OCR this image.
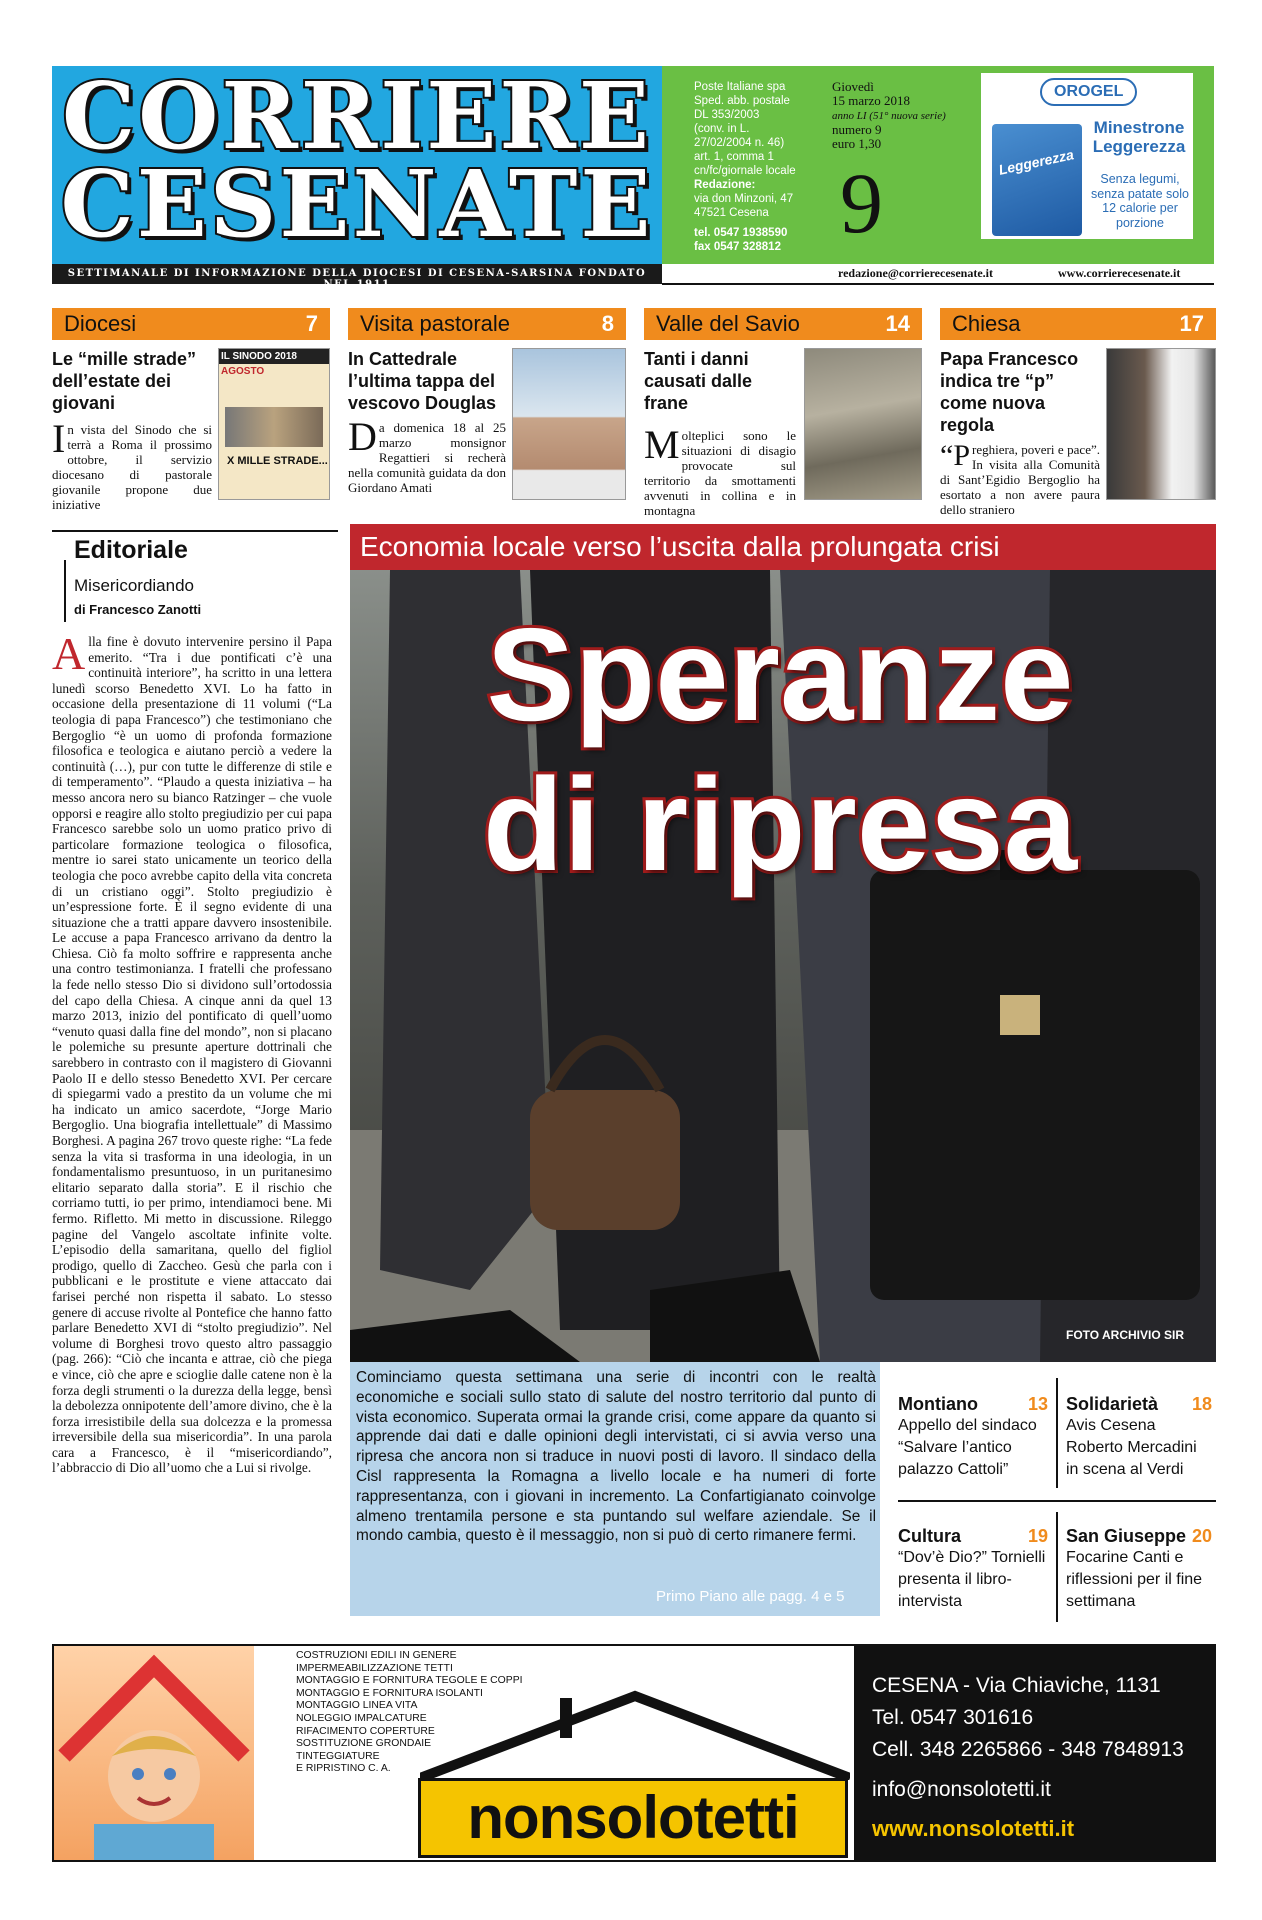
CORRIERE
CESENATE
Poste Italiane spa
Sped. abb. postale
DL 353/2003
(conv. in L.
27/02/2004 n. 46)
art. 1, comma 1
cn/fc/giornale locale
Redazione:
via don Minzoni, 47
47521 Cesena
tel. 0547 1938590
fax 0547 328812
Giovedì
15 marzo 2018
anno LI (51° nuova serie)
numero 9
euro 1,30
9
OROGEL
Leggerezza
Minestrone Leggerezza
Senza legumi, senza patate solo 12 calorie per porzione
SETTIMANALE DI INFORMAZIONE DELLA DIOCESI DI CESENA-SARSINA FONDATO NEL 1911
redazione@corrierecesenate.it	www.corrierecesenate.it
Diocesi	7
Le “mille strade” dell’estate dei giovani
In vista del Sinodo che si terrà a Roma il prossimo ottobre, il servizio diocesano di pastorale giovanile propone due iniziative
IL SINODO 2018
AGOSTO
X MILLE STRADE...
Visita pastorale	8
In Cattedrale l’ultima tappa del vescovo Douglas
Da domenica 18 al 25 marzo monsignor Regattieri si recherà nella comunità guidata da don Giordano Amati
Valle del Savio	14
Tanti i danni causati dalle frane
Molteplici sono le situazioni di disagio provocate sul territorio da smottamenti avvenuti in collina e in montagna
Chiesa	17
Papa Francesco indica tre “p” come nuova regola
“Preghiera, poveri e pace”. In visita alla Comunità di Sant’Egidio Bergoglio ha esortato a non avere paura dello straniero
Editoriale
Misericordiando
di Francesco Zanotti
Alla fine è dovuto intervenire persino il Papa emerito. “Tra i due pontificati c’è una continuità interiore”, ha scritto in una lettera lunedì scorso Benedetto XVI. Lo ha fatto in occasione della presentazione di 11 volumi (“La teologia di papa Francesco”) che testimoniano che Bergoglio “è un uomo di profonda formazione filosofica e teologica e aiutano perciò a vedere la continuità (…), pur con tutte le differenze di stile e di temperamento”. “Plaudo a questa iniziativa – ha messo ancora nero su bianco Ratzinger – che vuole opporsi e reagire allo stolto pregiudizio per cui papa Francesco sarebbe solo un uomo pratico privo di particolare formazione teologica o filosofica, mentre io sarei stato unicamente un teorico della teologia che poco avrebbe capito della vita concreta di un cristiano oggi”. Stolto pregiudizio è un’espressione forte. È il segno evidente di una situazione che a tratti appare davvero insostenibile. Le accuse a papa Francesco arrivano da dentro la Chiesa. Ciò fa molto soffrire e rappresenta anche una contro testimonianza. I fratelli che professano la fede nello stesso Dio si dividono sull’ortodossia del capo della Chiesa. A cinque anni da quel 13 marzo 2013, inizio del pontificato di quell’uomo “venuto quasi dalla fine del mondo”, non si placano le polemiche su presunte aperture dottrinali che sarebbero in contrasto con il magistero di Giovanni Paolo II e dello stesso Benedetto XVI. Per cercare di spiegarmi vado a prestito da un volume che mi ha indicato un amico sacerdote, “Jorge Mario Bergoglio. Una biografia intellettuale” di Massimo Borghesi. A pagina 267 trovo queste righe: “La fede senza la vita si trasforma in una ideologia, in un fondamentalismo presuntuoso, in un puritanesimo elitario separato dalla storia”. E il rischio che corriamo tutti, io per primo, intendiamoci bene. Mi fermo. Rifletto. Mi metto in discussione. Rileggo pagine del Vangelo ascoltate infinite volte. L’episodio della samaritana, quello del figliol prodigo, quello di Zaccheo. Gesù che parla con i pubblicani e le prostitute e viene attaccato dai farisei perché non rispetta il sabato. Lo stesso genere di accuse rivolte al Pontefice che hanno fatto parlare Benedetto XVI di “stolto pregiudizio”. Nel volume di Borghesi trovo questo altro passaggio (pag. 266): “Ciò che incanta e attrae, ciò che piega e vince, ciò che apre e scioglie dalle catene non è la forza degli strumenti o la durezza della legge, bensì la debolezza onnipotente dell’amore divino, che è la forza irresistibile della sua dolcezza e la promessa irreversibile della sua misericordia”. In una parola cara a Francesco, è il “misericordiando”, l’abbraccio di Dio all’uomo che a Lui si rivolge.
Economia locale verso l’uscita dalla prolungata crisi
Speranze
di ripresa
FOTO ARCHIVIO SIR
Cominciamo questa settimana una serie di incontri con le realtà economiche e sociali sullo stato di salute del nostro territorio dal punto di vista economico. Superata ormai la grande crisi, come appare da quanto si apprende dai dati e dalle opinioni degli intervistati, ci si avvia verso una ripresa che ancora non si traduce in nuovi posti di lavoro. Il sindaco della Cisl rappresenta la Romagna a livello locale e ha numeri di forte rappresentanza, con i giovani in incremento. La Confartigianato coinvolge almeno trentamila persone e sta puntando sul welfare aziendale. Se il mondo cambia, questo è il messaggio, non si può di certo rimanere fermi.
Primo Piano alle pagg. 4 e 5
Montiano	13
Appello del sindaco “Salvare l’antico palazzo Cattoli”
Solidarietà 18
Avis Cesena Roberto Mercadini in scena al Verdi
Cultura	19
“Dov’è Dio?” Tornielli presenta il libro-intervista
San Giuseppe 20
Focarine Canti e riflessioni per il fine settimana
COSTRUZIONI EDILI IN GENERE
IMPERMEABILIZZAZIONE TETTI
MONTAGGIO E FORNITURA TEGOLE E COPPI
MONTAGGIO E FORNITURA ISOLANTI
MONTAGGIO LINEA VITA
NOLEGGIO IMPALCATURE
RIFACIMENTO COPERTURE
SOSTITUZIONE GRONDAIE
TINTEGGIATURE
E RIPRISTINO C. A.
nonsolotetti
CESENA - Via Chiaviche, 1131
Tel. 0547 301616
Cell. 348 2265866 - 348 7848913
info@nonsolotetti.it
www.nonsolotetti.it
